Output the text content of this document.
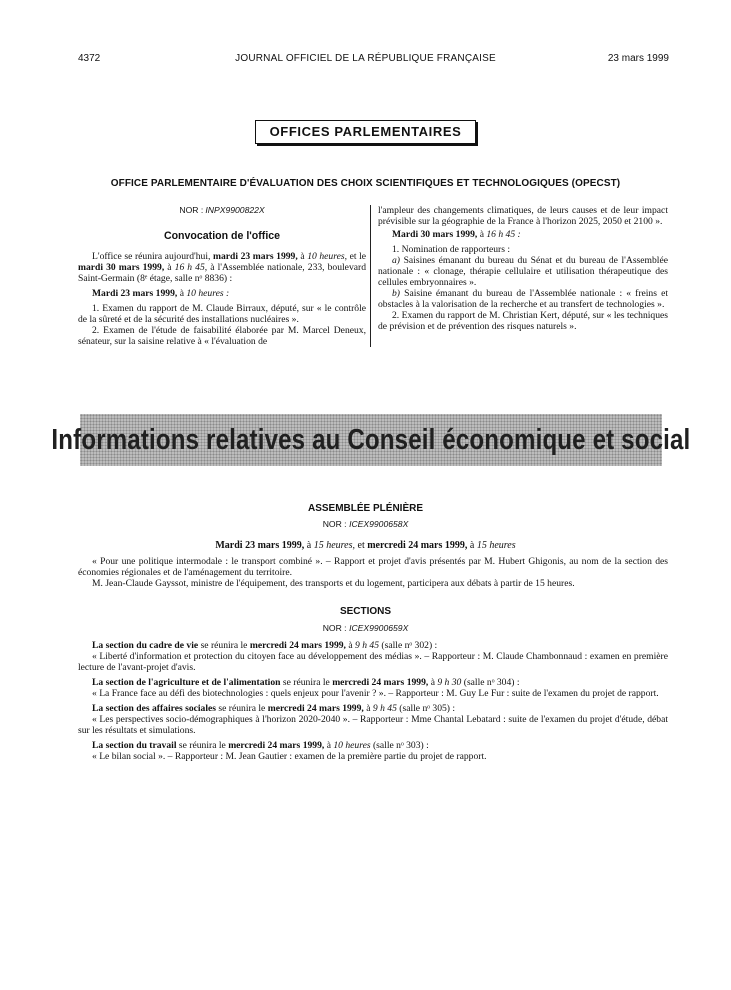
4372	JOURNAL OFFICIEL DE LA RÉPUBLIQUE FRANÇAISE	23 mars 1999
OFFICES PARLEMENTAIRES
OFFICE PARLEMENTAIRE D'ÉVALUATION DES CHOIX SCIENTIFIQUES ET TECHNOLOGIQUES (OPECST)
NOR : INPX9900822X
Convocation de l'office

L'office se réunira aujourd'hui, mardi 23 mars 1999, à 10 heures, et le mardi 30 mars 1999, à 16 h 45, à l'Assemblée nationale, 233, boulevard Saint-Germain (8ᵉ étage, salle nᵒ 8836) :

Mardi 23 mars 1999, à 10 heures :

1. Examen du rapport de M. Claude Birraux, député, sur « le contrôle de la sûreté et de la sécurité des installations nucléaires ».

2. Examen de l'étude de faisabilité élaborée par M. Marcel Deneux, sénateur, sur la saisine relative à « l'évaluation de

l'ampleur des changements climatiques, de leurs causes et de leur impact prévisible sur la géographie de la France à l'horizon 2025, 2050 et 2100 ».

Mardi 30 mars 1999, à 16 h 45 :

1. Nomination de rapporteurs :

a) Saisines émanant du bureau du Sénat et du bureau de l'Assemblée nationale : « clonage, thérapie cellulaire et utilisation thérapeutique des cellules embryonnaires ».

b) Saisine émanant du bureau de l'Assemblée nationale : « freins et obstacles à la valorisation de la recherche et au transfert de technologies ».

2. Examen du rapport de M. Christian Kert, député, sur « les techniques de prévision et de prévention des risques naturels ».

Informations relatives au Conseil économique et social
ASSEMBLÉE PLÉNIÈRE
NOR : ICEX9900658X
Mardi 23 mars 1999, à 15 heures, et mercredi 24 mars 1999, à 15 heures

« Pour une politique intermodale : le transport combiné ». – Rapport et projet d'avis présentés par M. Hubert Ghigonis, au nom de la section des économies régionales et de l'aménagement du territoire.

M. Jean-Claude Gayssot, ministre de l'équipement, des transports et du logement, participera aux débats à partir de 15 heures.

SECTIONS
NOR : ICEX9900659X

La section du cadre de vie se réunira le mercredi 24 mars 1999, à 9 h 45 (salle nᵒ 302) :

« Liberté d'information et protection du citoyen face au développement des médias ». – Rapporteur : M. Claude Chambonnaud : examen en première lecture de l'avant-projet d'avis.

La section de l'agriculture et de l'alimentation se réunira le mercredi 24 mars 1999, à 9 h 30 (salle nᵒ 304) :

« La France face au défi des biotechnologies : quels enjeux pour l'avenir ? ». – Rapporteur : M. Guy Le Fur : suite de l'examen du projet de rapport.

La section des affaires sociales se réunira le mercredi 24 mars 1999, à 9 h 45 (salle nᵒ 305) :

« Les perspectives socio-démographiques à l'horizon 2020-2040 ». – Rapporteur : Mme Chantal Lebatard : suite de l'examen du projet d'étude, débat sur les résultats et simulations.

La section du travail se réunira le mercredi 24 mars 1999, à 10 heures (salle nᵒ 303) :

« Le bilan social ». – Rapporteur : M. Jean Gautier : examen de la première partie du projet de rapport.
